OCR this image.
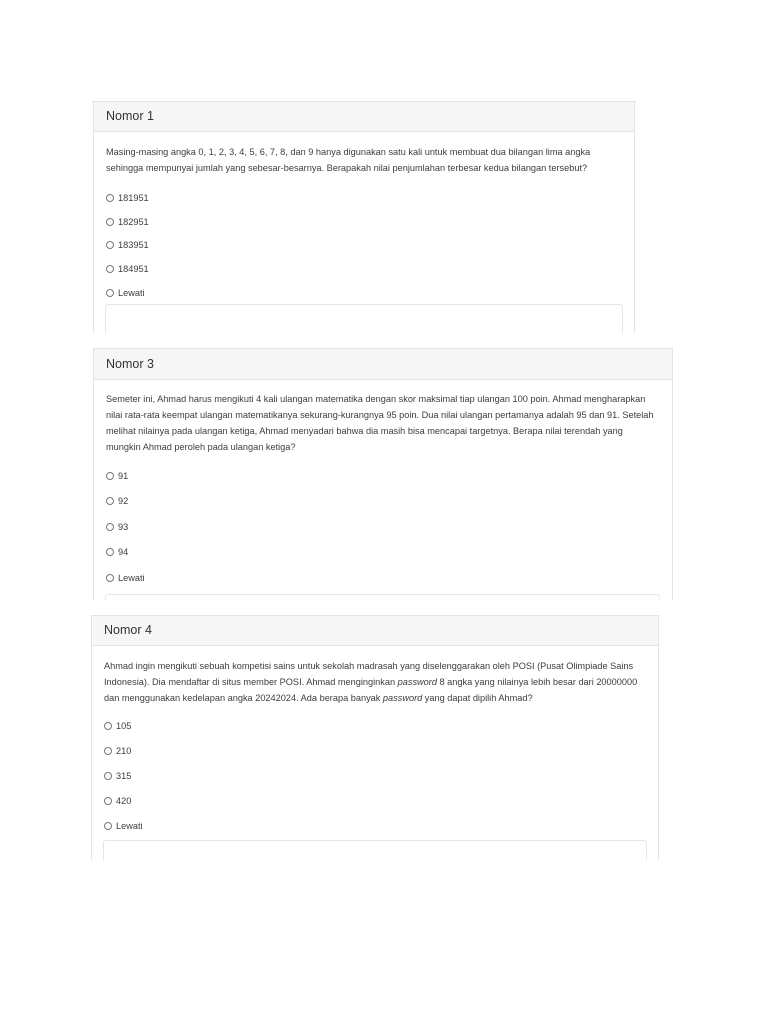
Nomor 1

Masing-masing angka 0, 1, 2, 3, 4, 5, 6, 7, 8, dan 9 hanya digunakan satu kali untuk membuat dua bilangan lima angka sehingga mempunyai jumlah yang sebesar-besarnya. Berapakah nilai penjumlahan terbesar kedua bilangan tersebut?

181951
182951
183951
184951
Lewati
Nomor 3

Semeter ini, Ahmad harus mengikuti 4 kali ulangan matematika dengan skor maksimal tiap ulangan 100 poin. Ahmad mengharapkan nilai rata-rata keempat ulangan matematikanya sekurang-kurangnya 95 poin. Dua nilai ulangan pertamanya adalah 95 dan 91. Setelah melihat nilainya pada ulangan ketiga, Ahmad menyadari bahwa dia masih bisa mencapai targetnya. Berapa nilai terendah yang mungkin Ahmad peroleh pada ulangan ketiga?

91
92
93
94
Lewati
Nomor 4

Ahmad ingin mengikuti sebuah kompetisi sains untuk sekolah madrasah yang diselenggarakan oleh POSI (Pusat Olimpiade Sains Indonesia). Dia mendaftar di situs member POSI. Ahmad menginginkan password 8 angka yang nilainya lebih besar dari 20000000 dan menggunakan kedelapan angka 20242024. Ada berapa banyak password yang dapat dipilih Ahmad?

105
210
315
420
Lewati
